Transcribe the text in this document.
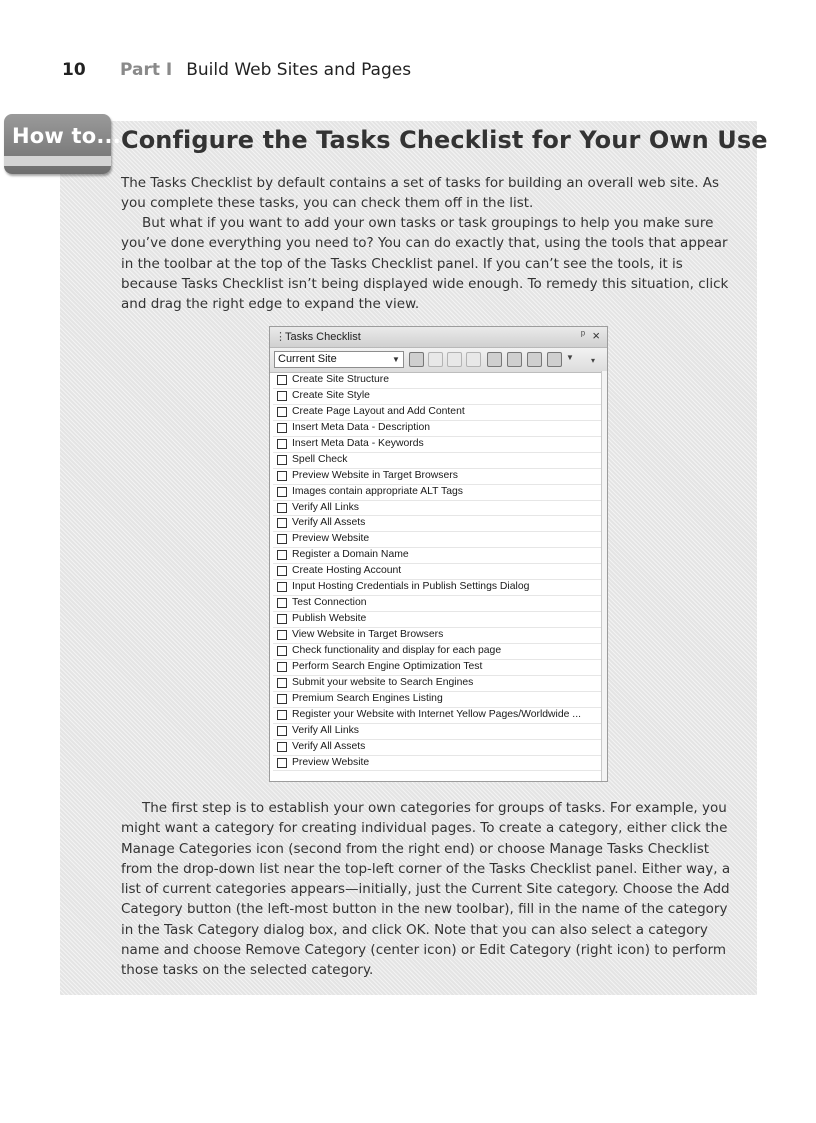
10 Part I Build Web Sites and Pages
How to... Configure the Tasks Checklist for Your Own Use

The Tasks Checklist by default contains a set of tasks for building an overall web site. As you complete these tasks, you can check them off in the list.

But what if you want to add your own tasks or task groupings to help you make sure you’ve done everything you need to? You can do exactly that, using the tools that appear in the toolbar at the top of the Tasks Checklist panel. If you can’t see the tools, it is because Tasks Checklist isn’t being displayed wide enough. To remedy this situation, click and drag the right edge to expand the view.

⋮ Tasks Checklist	ᵖ ×
Current Site	▼	▼ ▾
Create Site Structure
Create Site Style
Create Page Layout and Add Content
Insert Meta Data - Description
Insert Meta Data - Keywords
Spell Check
Preview Website in Target Browsers
Images contain appropriate ALT Tags
Verify All Links
Verify All Assets
Preview Website
Register a Domain Name
Create Hosting Account
Input Hosting Credentials in Publish Settings Dialog
Test Connection
Publish Website
View Website in Target Browsers
Check functionality and display for each page
Perform Search Engine Optimization Test
Submit your website to Search Engines
Premium Search Engines Listing
Register your Website with Internet Yellow Pages/Worldwide ...
Verify All Links
Verify All Assets
Preview Website

The first step is to establish your own categories for groups of tasks. For example, you might want a category for creating individual pages. To create a category, either click the Manage Categories icon (second from the right end) or choose Manage Tasks Checklist from the drop-down list near the top-left corner of the Tasks Checklist panel. Either way, a list of current categories appears—initially, just the Current Site category. Choose the Add Category button (the left-most button in the new toolbar), fill in the name of the category in the Task Category dialog box, and click OK. Note that you can also select a category name and choose Remove Category (center icon) or Edit Category (right icon) to perform those tasks on the selected category.
